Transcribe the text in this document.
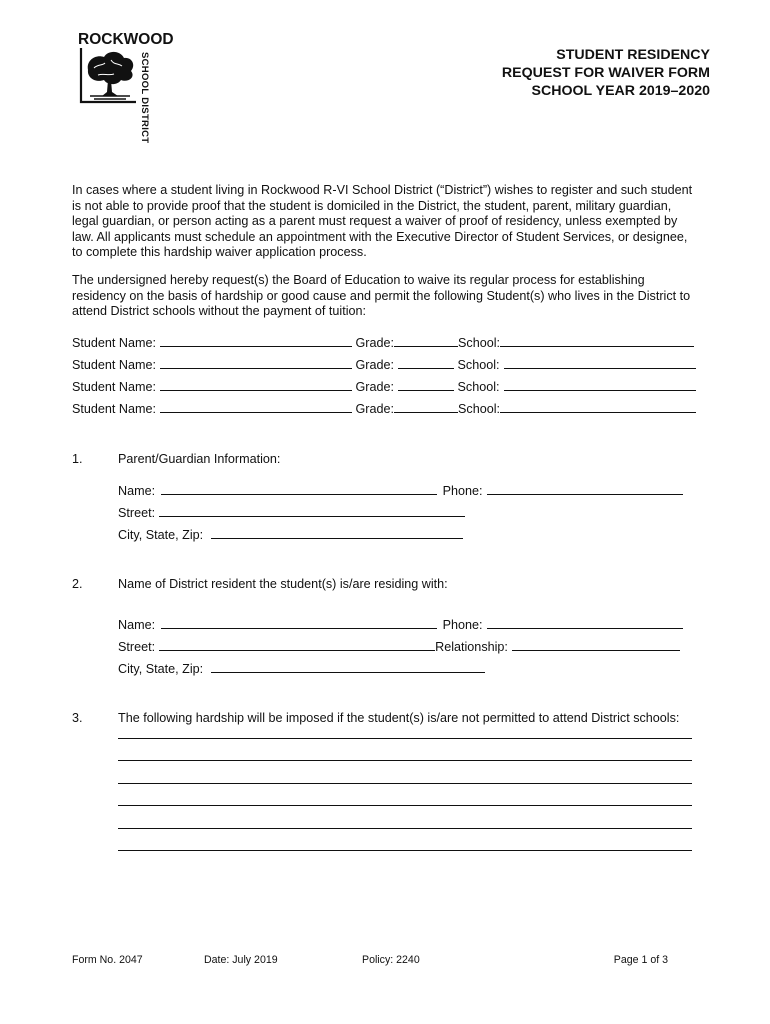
ROCKWOOD
SCHOOL DISTRICT	STUDENT RESIDENCY
REQUEST FOR WAIVER FORM
SCHOOL YEAR 2019–2020
In cases where a student living in Rockwood R-VI School District (“District”) wishes to register and such student
is not able to provide proof that the student is domiciled in the District, the student, parent, military guardian,
legal guardian, or person acting as a parent must request a waiver of proof of residency, unless exempted by
law. All applicants must schedule an appointment with the Executive Director of Student Services, or designee,
to complete this hardship waiver application process.
The undersigned hereby request(s) the Board of Education to waive its regular process for establishing
residency on the basis of hardship or good cause and permit the following Student(s) who lives in the District to
attend District schools without the payment of tuition:
Student Name:	Grade:	School:
Student Name:	Grade:	School:
Student Name:	Grade:	School:
Student Name:	Grade:	School:
1.	Parent/Guardian Information:
Name:	Phone:
Street:
City, State, Zip:
2.	Name of District resident the student(s) is/are residing with:
Name:	Phone:
Street:	Relationship:
City, State, Zip:
3.	The following hardship will be imposed if the student(s) is/are not permitted to attend District schools:
Form No. 2047	Date: July 2019	Policy: 2240	Page 1 of 3
